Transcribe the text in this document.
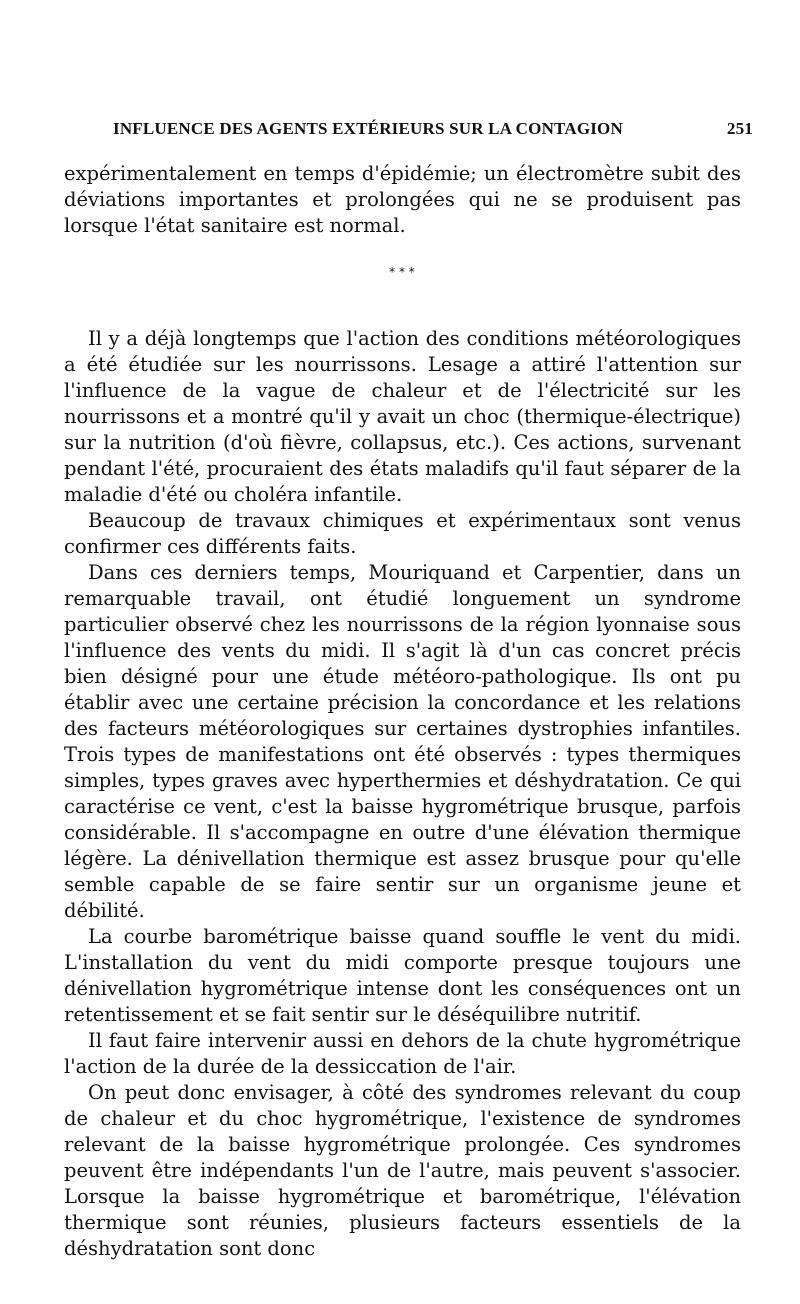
INFLUENCE DES AGENTS EXTÉRIEURS SUR LA CONTAGION	251

expérimentalement en temps d'épidémie; un électromètre subit des déviations importantes et prolongées qui ne se produisent pas lorsque l'état sanitaire est normal.

* * *

Il y a déjà longtemps que l'action des conditions météorologiques a été étudiée sur les nourrissons. Lesage a attiré l'attention sur l'influence de la vague de chaleur et de l'électricité sur les nourrissons et a montré qu'il y avait un choc (thermique-électrique) sur la nutrition (d'où fièvre, collapsus, etc.). Ces actions, survenant pendant l'été, procuraient des états maladifs qu'il faut séparer de la maladie d'été ou choléra infantile.

Beaucoup de travaux chimiques et expérimentaux sont venus confirmer ces différents faits.

Dans ces derniers temps, Mouriquand et Carpentier, dans un remarquable travail, ont étudié longuement un syndrome particulier observé chez les nourrissons de la région lyonnaise sous l'influence des vents du midi. Il s'agit là d'un cas concret précis bien désigné pour une étude météoro-pathologique. Ils ont pu établir avec une certaine précision la concordance et les relations des facteurs météorologiques sur certaines dystrophies infantiles. Trois types de manifestations ont été observés : types thermiques simples, types graves avec hyperthermies et déshydratation. Ce qui caractérise ce vent, c'est la baisse hygrométrique brusque, parfois considérable. Il s'accompagne en outre d'une élévation thermique légère. La dénivellation thermique est assez brusque pour qu'elle semble capable de se faire sentir sur un organisme jeune et débilité.

La courbe barométrique baisse quand souffle le vent du midi. L'installation du vent du midi comporte presque toujours une dénivellation hygrométrique intense dont les conséquences ont un retentissement et se fait sentir sur le déséquilibre nutritif.

Il faut faire intervenir aussi en dehors de la chute hygrométrique l'action de la durée de la dessiccation de l'air.

On peut donc envisager, à côté des syndromes relevant du coup de chaleur et du choc hygrométrique, l'existence de syndromes relevant de la baisse hygrométrique prolongée. Ces syndromes peuvent être indépendants l'un de l'autre, mais peuvent s'associer. Lorsque la baisse hygrométrique et barométrique, l'élévation thermique sont réunies, plusieurs facteurs essentiels de la déshydratation sont donc
